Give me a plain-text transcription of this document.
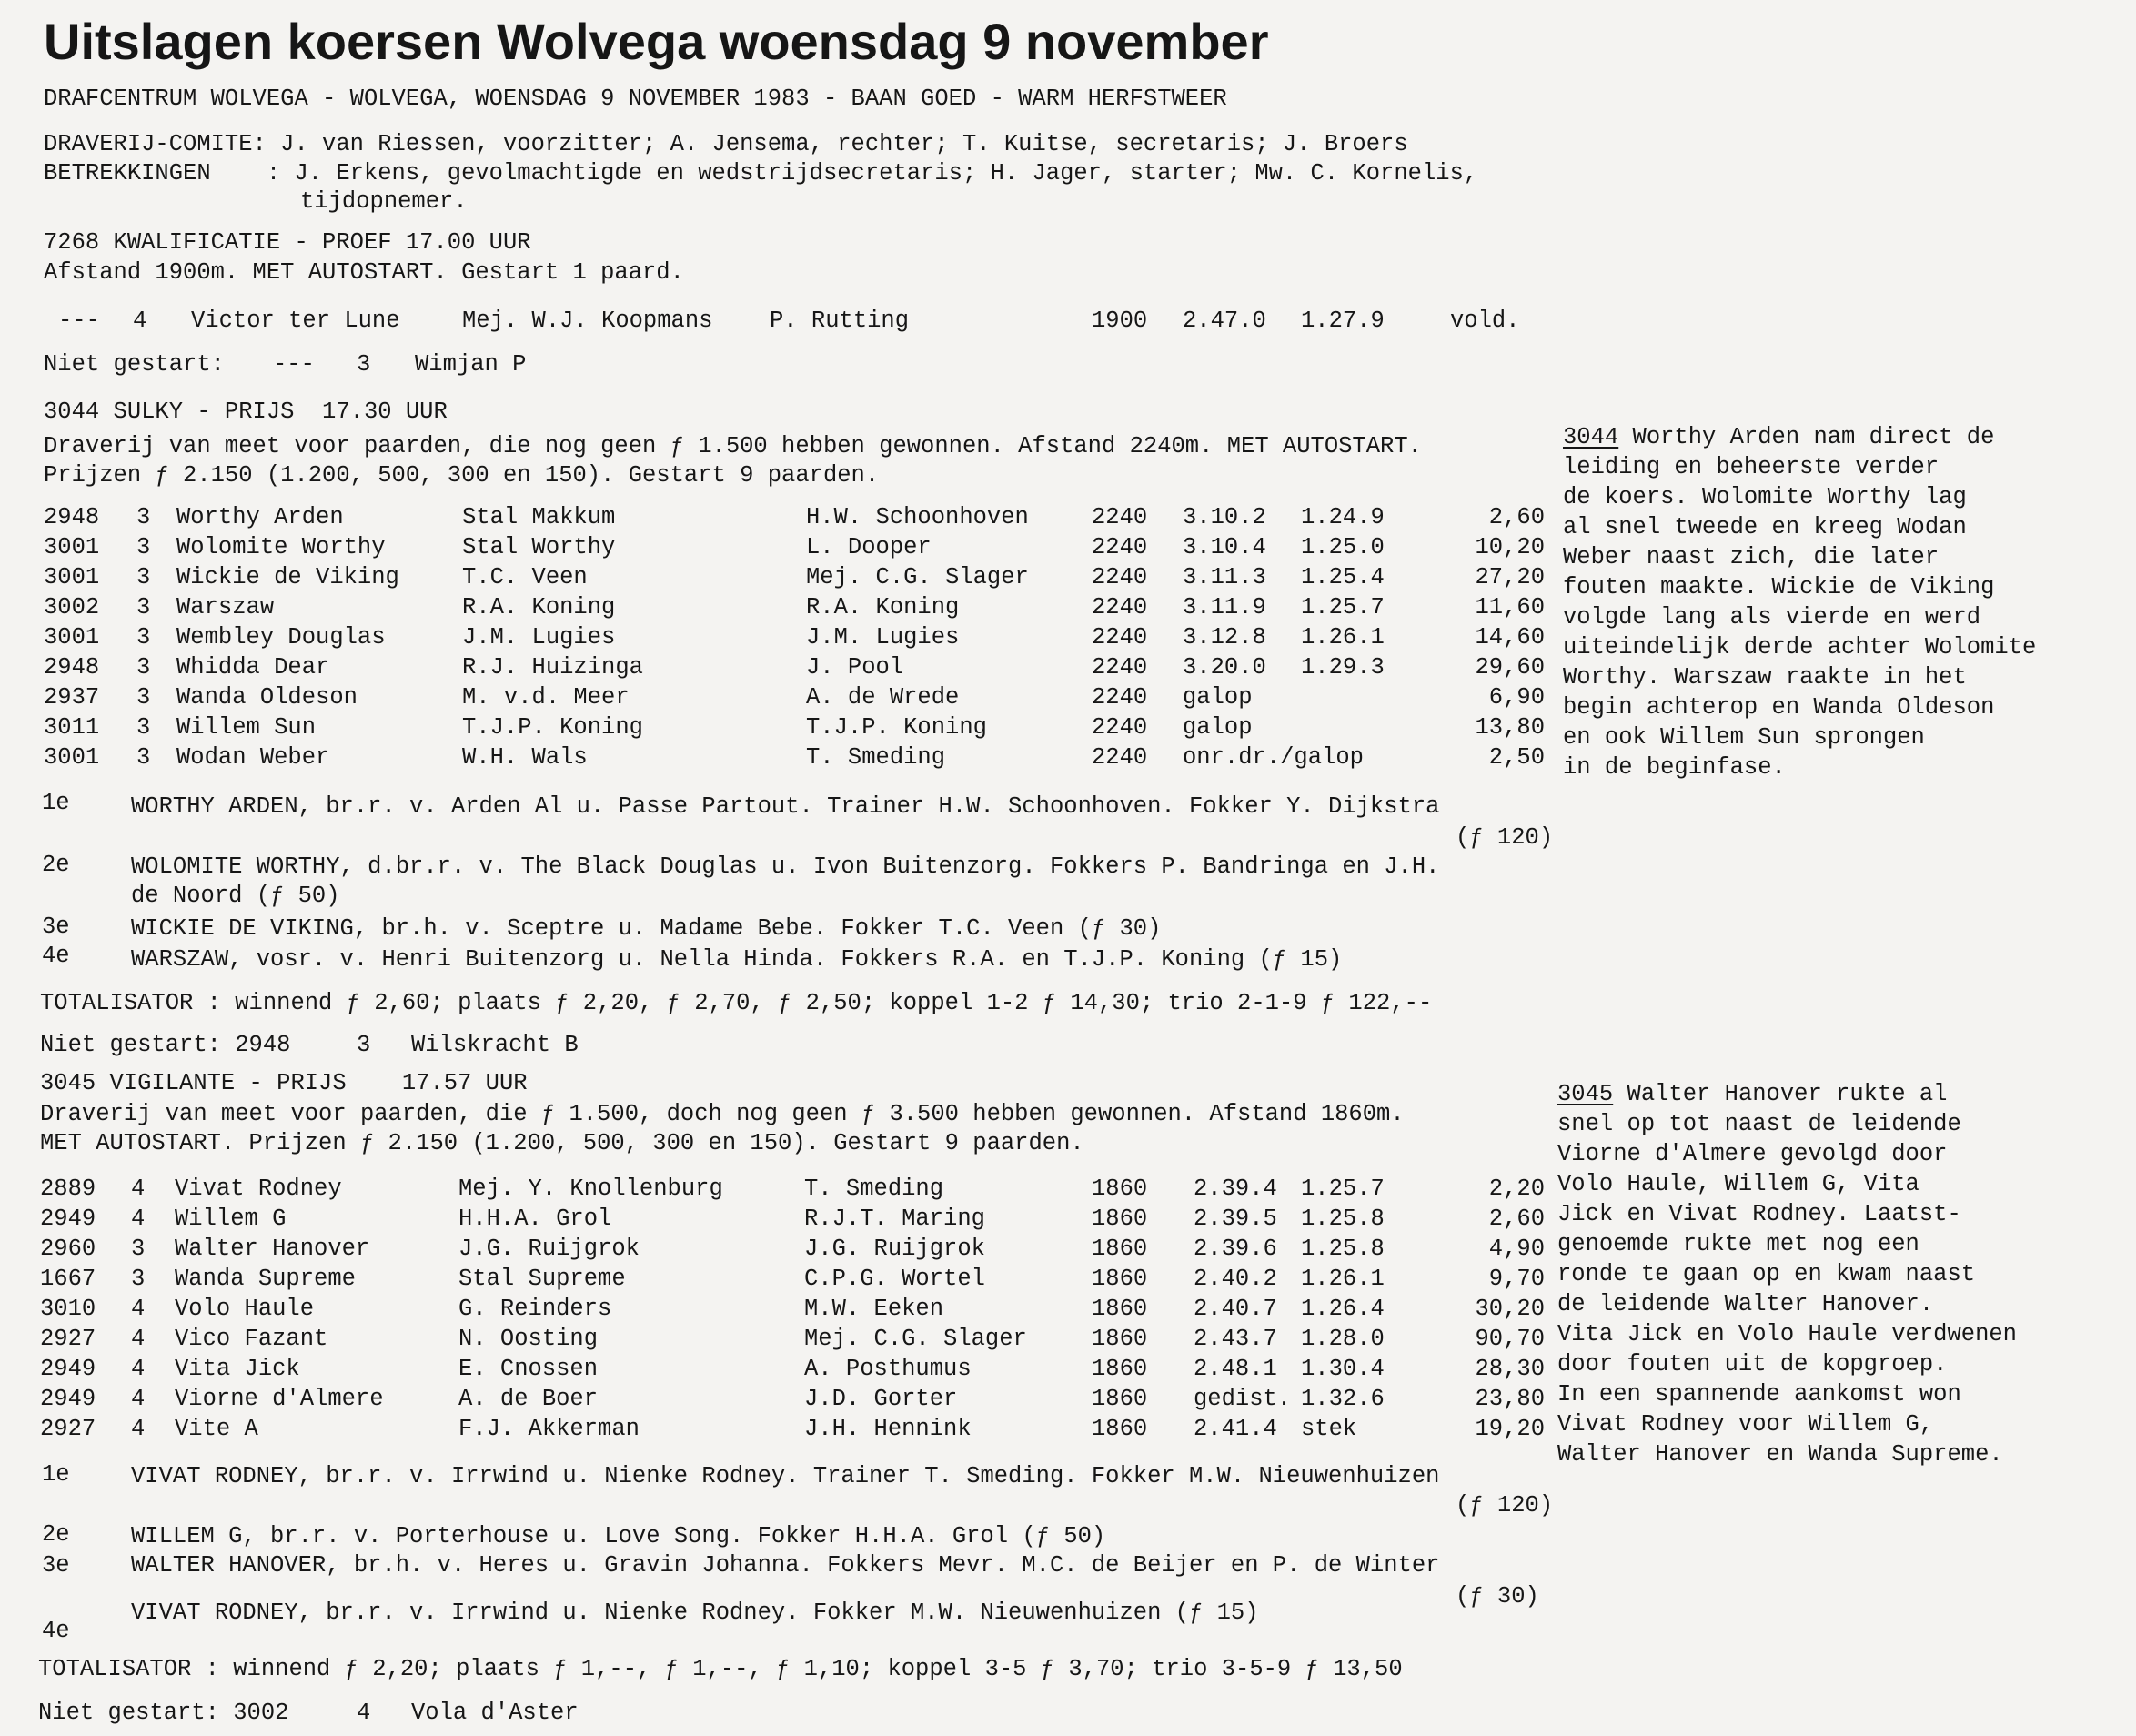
Uitslagen koersen Wolvega woensdag 9 november
DRAFCENTRUM WOLVEGA - WOLVEGA, WOENSDAG 9 NOVEMBER 1983 - BAAN GOED - WARM HERFSTWEER
DRAVERIJ-COMITE: J. van Riessen, voorzitter; A. Jensema, rechter; T. Kuitse, secretaris; J. Broers
BETREKKINGEN    : J. Erkens, gevolmachtigde en wedstrijdsecretaris; H. Jager, starter; Mw. C. Kornelis,
tijdopnemer.
7268 KWALIFICATIE - PROEF 17.00 UUR
Afstand 1900m. MET AUTOSTART. Gestart 1 paard.
--- 4 Victor ter Lune	Mej. W.J. Koopmans P. Rutting	1900 2.47.0 1.27.9	vold.
Niet gestart: --- 3 Wimjan P
3044 SULKY - PRIJS  17.30 UUR
Draverij van meet voor paarden, die nog geen ƒ 1.500 hebben gewonnen. Afstand 2240m. MET AUTOSTART.
Prijzen ƒ 2.150 (1.200, 500, 300 en 150). Gestart 9 paarden.
2948 3 Worthy Arden	Stal Makkum	H.W. Schoonhoven	2240 3.10.2 1.24.9	2,60
3001 3 Wolomite Worthy	Stal Worthy	L. Dooper	2240 3.10.4 1.25.0	10,20
3001 3 Wickie de Viking	T.C. Veen	Mej. C.G. Slager	2240 3.11.3 1.25.4	27,20
3002 3 Warszaw	R.A. Koning	R.A. Koning	2240 3.11.9 1.25.7	11,60
3001 3 Wembley Douglas	J.M. Lugies	J.M. Lugies	2240 3.12.8 1.26.1	14,60
2948 3 Whidda Dear	R.J. Huizinga	J. Pool	2240 3.20.0 1.29.3	29,60
2937 3 Wanda Oldeson	M. v.d. Meer	A. de Wrede	2240 galop	6,90
3011 3 Willem Sun	T.J.P. Koning	T.J.P. Koning	2240 galop	13,80
3001 3 Wodan Weber	W.H. Wals	T. Smeding	2240 onr.dr./galop	2,50
1e	WORTHY ARDEN, br.r. v. Arden Al u. Passe Partout. Trainer H.W. Schoonhoven. Fokker Y. Dijkstra
(ƒ 120)
2e	WOLOMITE WORTHY, d.br.r. v. The Black Douglas u. Ivon Buitenzorg. Fokkers P. Bandringa en J.H.
de Noord (ƒ 50)
3e	WICKIE DE VIKING, br.h. v. Sceptre u. Madame Bebe. Fokker T.C. Veen (ƒ 30)
4e	WARSZAW, vosr. v. Henri Buitenzorg u. Nella Hinda. Fokkers R.A. en T.J.P. Koning (ƒ 15)
TOTALISATOR : winnend ƒ 2,60; plaats ƒ 2,20, ƒ 2,70, ƒ 2,50; koppel 1-2 ƒ 14,30; trio 2-1-9 ƒ 122,--
Niet gestart: 2948	3 Wilskracht B
3044 Worthy Arden nam direct de
leiding en beheerste verder
de koers. Wolomite Worthy lag
al snel tweede en kreeg Wodan
Weber naast zich, die later
fouten maakte. Wickie de Viking
volgde lang als vierde en werd
uiteindelijk derde achter Wolomite
Worthy. Warszaw raakte in het
begin achterop en Wanda Oldeson
en ook Willem Sun sprongen
in de beginfase.
3045 VIGILANTE - PRIJS    17.57 UUR
Draverij van meet voor paarden, die ƒ 1.500, doch nog geen ƒ 3.500 hebben gewonnen. Afstand 1860m.
MET AUTOSTART. Prijzen ƒ 2.150 (1.200, 500, 300 en 150). Gestart 9 paarden.
2889 4 Vivat Rodney	Mej. Y. Knollenburg	T. Smeding	1860 2.39.4 1.25.7	2,20
2949 4 Willem G	H.H.A. Grol	R.J.T. Maring	1860 2.39.5 1.25.8	2,60
2960 3 Walter Hanover	J.G. Ruijgrok	J.G. Ruijgrok	1860 2.39.6 1.25.8	4,90
1667 3 Wanda Supreme	Stal Supreme	C.P.G. Wortel	1860 2.40.2 1.26.1	9,70
3010 4 Volo Haule	G. Reinders	M.W. Eeken	1860 2.40.7 1.26.4	30,20
2927 4 Vico Fazant	N. Oosting	Mej. C.G. Slager	1860 2.43.7 1.28.0	90,70
2949 4 Vita Jick	E. Cnossen	A. Posthumus	1860 2.48.1 1.30.4	28,30
2949 4 Viorne d'Almere	A. de Boer	J.D. Gorter	1860 gedist. 1.32.6	23,80
2927 4 Vite A	F.J. Akkerman	J.H. Hennink	1860 2.41.4 stek	19,20
1e	VIVAT RODNEY, br.r. v. Irrwind u. Nienke Rodney. Trainer T. Smeding. Fokker M.W. Nieuwenhuizen
(ƒ 120)
2e	WILLEM G, br.r. v. Porterhouse u. Love Song. Fokker H.H.A. Grol (ƒ 50)
3e	WALTER HANOVER, br.h. v. Heres u. Gravin Johanna. Fokkers Mevr. M.C. de Beijer en P. de Winter
(ƒ 30)
4e
VIVAT RODNEY, br.r. v. Irrwind u. Nienke Rodney. Fokker M.W. Nieuwenhuizen (ƒ 15)
TOTALISATOR : winnend ƒ 2,20; plaats ƒ 1,--, ƒ 1,--, ƒ 1,10; koppel 3-5 ƒ 3,70; trio 3-5-9 ƒ 13,50
Niet gestart: 3002	4 Vola d'Aster
3045 Walter Hanover rukte al
snel op tot naast de leidende
Viorne d'Almere gevolgd door
Volo Haule, Willem G, Vita
Jick en Vivat Rodney. Laatst-
genoemde rukte met nog een
ronde te gaan op en kwam naast
de leidende Walter Hanover.
Vita Jick en Volo Haule verdwenen
door fouten uit de kopgroep.
In een spannende aankomst won
Vivat Rodney voor Willem G,
Walter Hanover en Wanda Supreme.
